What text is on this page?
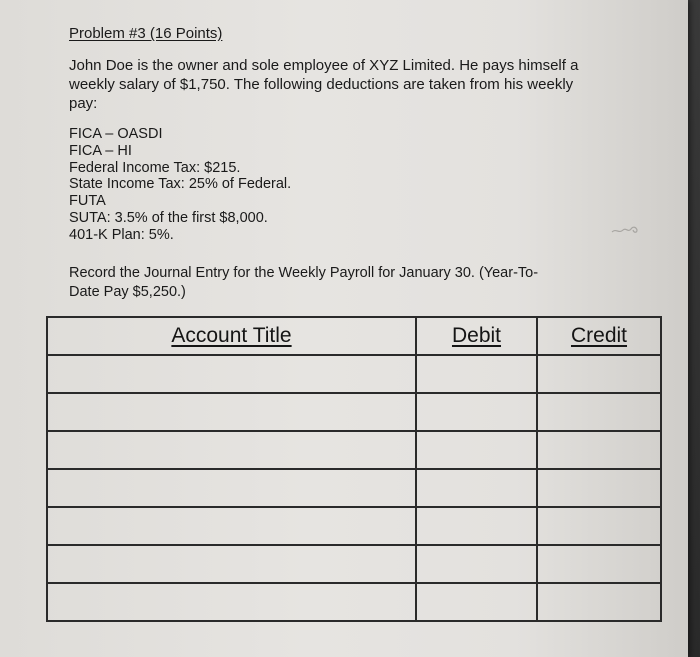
Problem #3 (16 Points)
John Doe is the owner and sole employee of XYZ Limited. He pays himself a
weekly salary of $1,750. The following deductions are taken from his weekly
pay:
FICA – OASDI
FICA – HI
Federal Income Tax: $215.
State Income Tax: 25% of Federal.
FUTA
SUTA: 3.5% of the first $8,000.
401-K Plan: 5%.
Record the Journal Entry for the Weekly Payroll for January 30. (Year-To-
Date Pay $5,250.)
Account Title	Debit	Credit
